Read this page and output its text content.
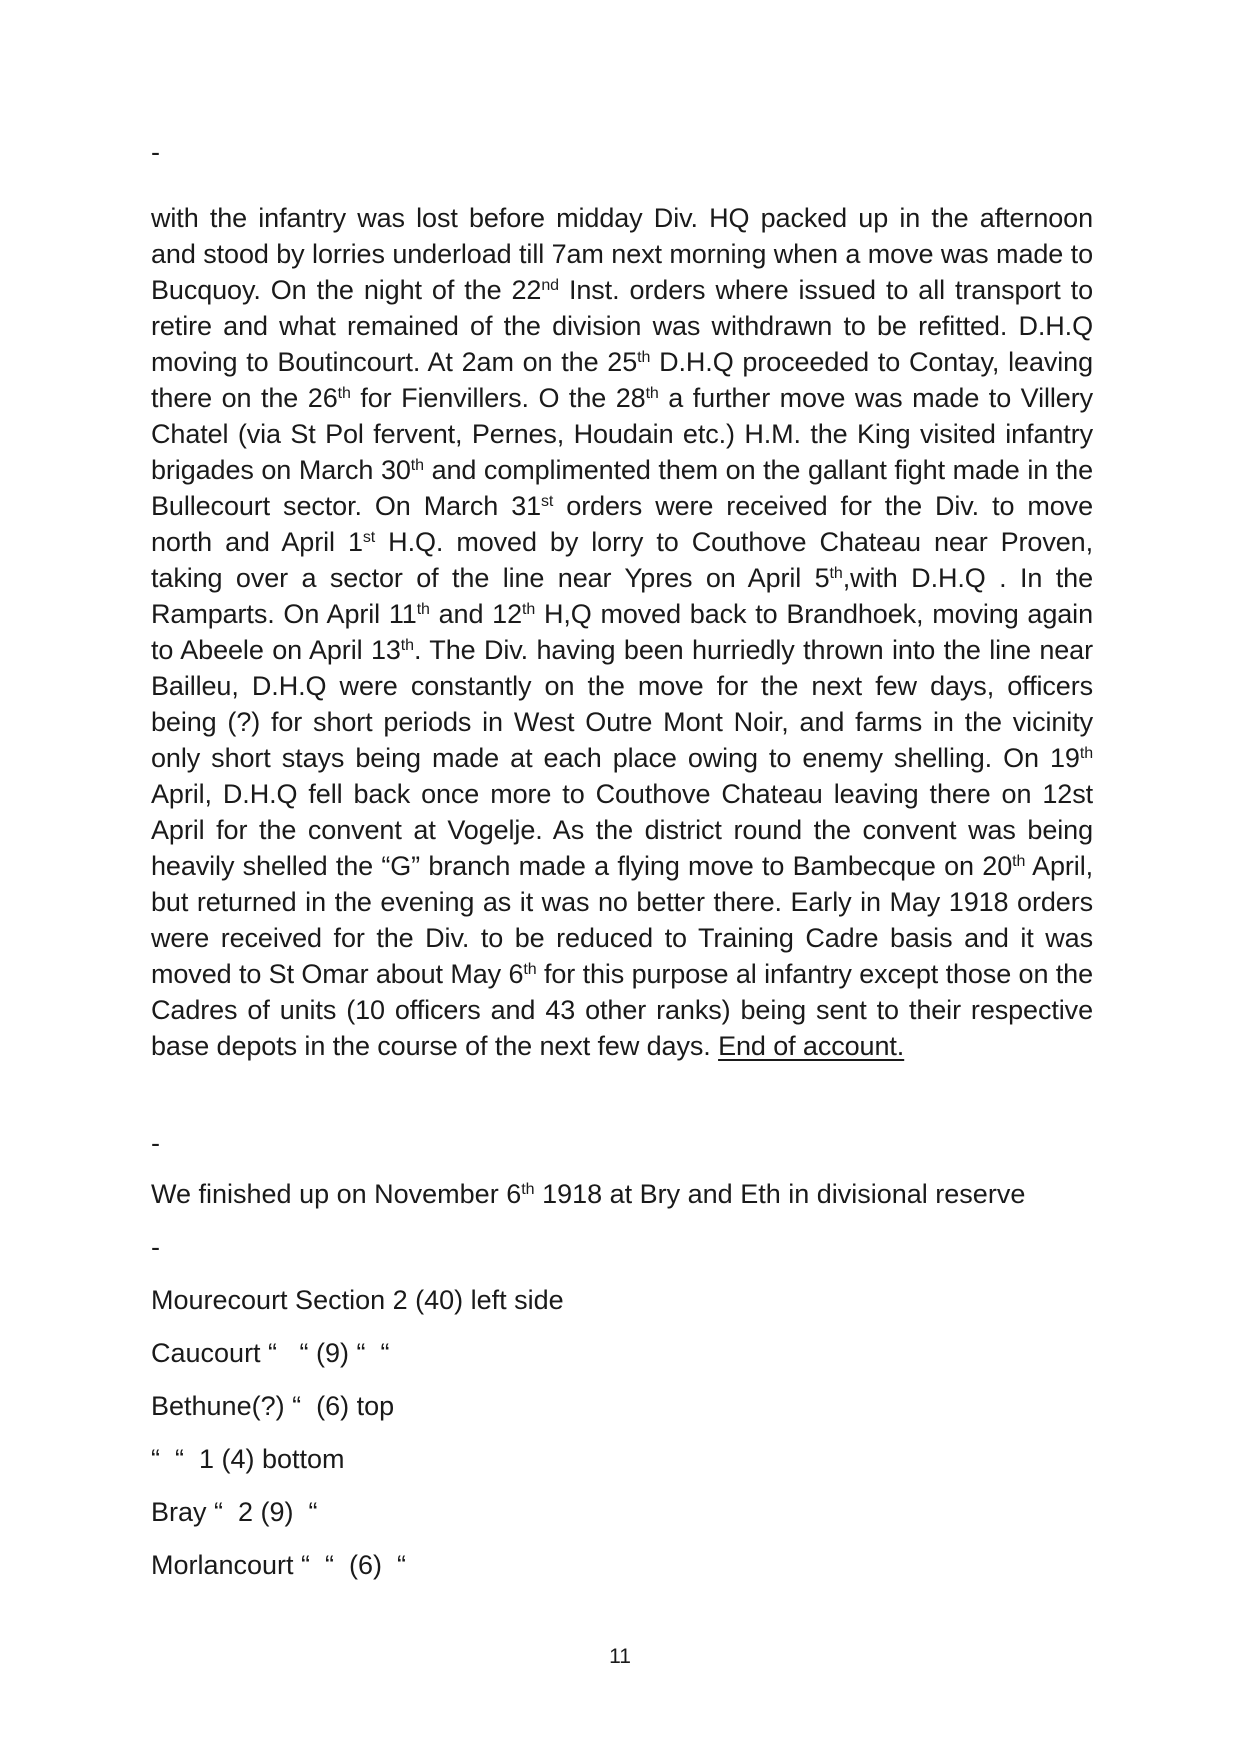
-

with the infantry was lost before midday Div. HQ packed up in the afternoon and stood by lorries underload till 7am next morning when a move was made to Bucquoy. On the night of the 22nd Inst. orders where issued to all transport to retire and what remained of the division was withdrawn to be refitted. D.H.Q moving to Boutincourt. At 2am on the 25th D.H.Q proceeded to Contay, leaving there on the 26th for Fienvillers. O the 28th a further move was made to Villery Chatel (via St Pol fervent, Pernes, Houdain etc.) H.M. the King visited infantry brigades on March 30th and complimented them on the gallant fight made in the Bullecourt sector. On March 31st orders were received for the Div. to move north and April 1st H.Q. moved by lorry to Couthove Chateau near Proven, taking over a sector of the line near Ypres on April 5th,with D.H.Q . In the Ramparts. On April 11th and 12th H,Q moved back to Brandhoek, moving again to Abeele on April 13th. The Div. having been hurriedly thrown into the line near Bailleu, D.H.Q were constantly on the move for the next few days, officers being (?) for short periods in West Outre Mont Noir, and farms in the vicinity only short stays being made at each place owing to enemy shelling. On 19th April, D.H.Q fell back once more to Couthove Chateau leaving there on 12st April for the convent at Vogelje. As the district round the convent was being heavily shelled the “G” branch made a flying move to Bambecque on 20th April, but returned in the evening as it was no better there. Early in May 1918 orders were received for the Div. to be reduced to Training Cadre basis and it was moved to St Omar about May 6th for this purpose al infantry except those on the Cadres of units (10 officers and 43 other ranks) being sent to their respective base depots in the course of the next few days. End of account.

-
We finished up on November 6th 1918 at Bry and Eth in divisional reserve
-
Mourecourt Section 2 (40) left side
Caucourt “   “ (9) “  “
Bethune(?) “  (6) top
“  “  1 (4) bottom
Bray “  2 (9)  “
Morlancourt “  “  (6)  “
11
